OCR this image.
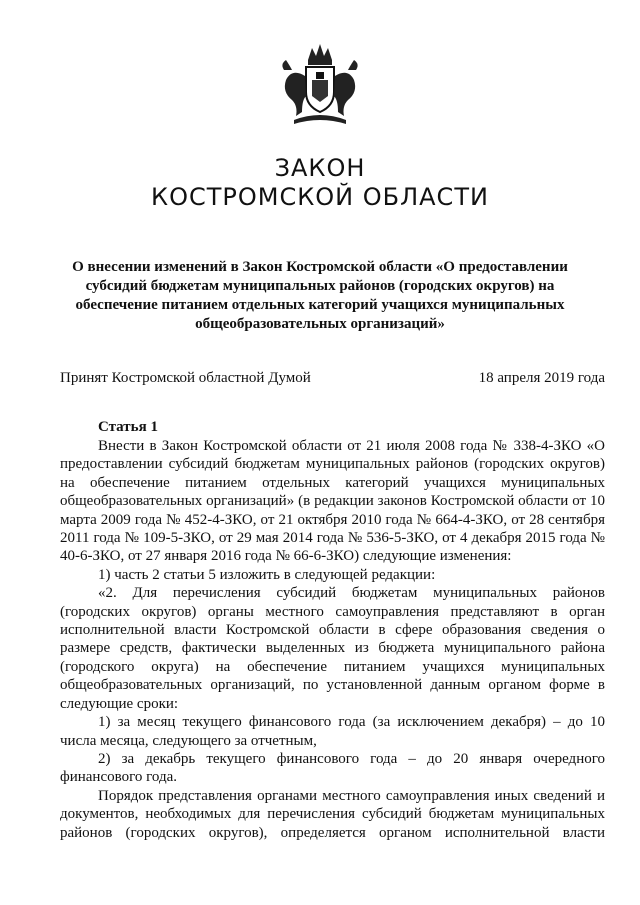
ЗАКОН
КОСТРОМСКОЙ ОБЛАСТИ
О внесении изменений в Закон Костромской области «О предоставлении субсидий бюджетам муниципальных районов (городских округов) на обеспечение питанием отдельных категорий учащихся муниципальных общеобразовательных организаций»
Принят Костромской областной Думой	18 апреля 2019 года
Статья 1

Внести в Закон Костромской области от 21 июля 2008 года № 338-4-ЗКО «О предоставлении субсидий бюджетам муниципальных районов (городских округов) на обеспечение питанием отдельных категорий учащихся муниципальных общеобразовательных организаций» (в редакции законов Костромской области от 10 марта 2009 года № 452-4-ЗКО, от 21 октября 2010 года № 664-4-ЗКО, от 28 сентября 2011 года № 109-5-ЗКО, от 29 мая 2014 года № 536-5-ЗКО, от 4 декабря 2015 года № 40-6-ЗКО, от 27 января 2016 года № 66-6-ЗКО) следующие изменения:

1) часть 2 статьи 5 изложить в следующей редакции:

«2. Для перечисления субсидий бюджетам муниципальных районов (городских округов) органы местного самоуправления представляют в орган исполнительной власти Костромской области в сфере образования сведения о размере средств, фактически выделенных из бюджета муниципального района (городского округа) на обеспечение питанием учащихся муниципальных общеобразовательных организаций, по установленной данным органом форме в следующие сроки:

1) за месяц текущего финансового года (за исключением декабря) – до 10 числа месяца, следующего за отчетным,

2) за декабрь текущего финансового года – до 20 января очередного финансового года.

Порядок представления органами местного самоуправления иных сведений и документов, необходимых для перечисления субсидий бюджетам муниципальных районов (городских округов), определяется органом исполнительной власти
